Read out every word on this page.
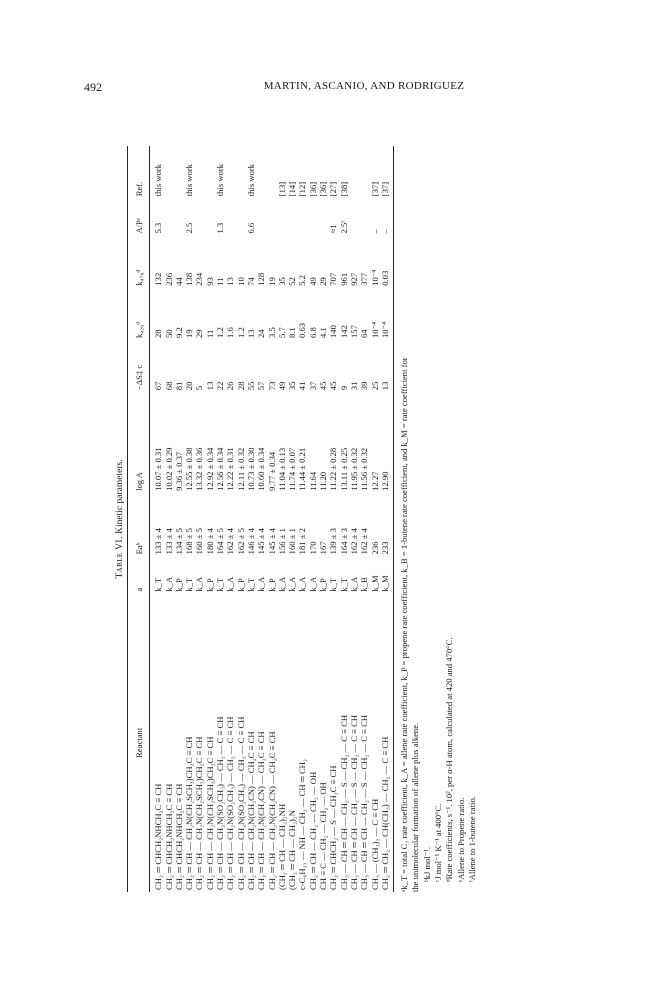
492	MARTIN, ASCANIO, AND RODRIGUEZ
Table VI. Kinetic parameters.
Reactant	a	Eaᵇ	log A	−ΔS‡ c	k₄₂₀ᵈ	k₄₇₀ᵈ	A/Pᵉ	Ref.
CH₂ ═ CHCH₂NHCH₂C ≡ CH	k_T	133 ± 4	10.07 ± 0.31	67	28	132	5.3	this work
CH₂ ═ CHCH₂NHCH₂C ≡ CH	k_A	133 ± 4	10.02 ± 0.29	68	50	236		
CH₂ ═ CHCH₂NHCH₂C ≡ CH	k_P	134 ± 5	9.36 ± 0.37	81	9.2	44		
CH₂ ═ CH — CH₂N(CH₂SCH₃)CH₂C ≡ CH	k_T	168 ± 5	12.55 ± 0.38	20	19	138	2.5	this work
CH₂ ═ CH — CH₂N(CH₂SCH₃)CH₂C ≡ CH	k_A	160 ± 5	13.32 ± 0.36	5	29	234		
CH₂ ═ CH — CH₂N(CH₂SCH₃)CH₂C ≡ CH	k_P	180 ± 4	12.92 ± 0.34	13	11	93		
CH₂ ═ CH — CH₂N(SO₂CH₃) — CH₂ — C ≡ CH	k_T	164 ± 5	12.56 ± 0.34	22	1.2	11	1.3	this work
CH₂ ═ CH — CH₂N(SO₂CH₃) — CH₂ — C ≡ CH	k_A	162 ± 4	12.22 ± 0.31	26	1.6	13		
CH₂ ═ CH — CH₂N(SO₂CH₃) — CH₂ — C ≡ CH	k_P	162 ± 5	12.11 ± 0.32	28	1.2	10		
CH₂ ═ CH — CH₂N(CH₂CN) — CH₂C ≡ CH	k_T	146 ± 4	10.73 ± 0.30	55	13	74	6.6	this work
CH₂ ═ CH — CH₂N(CH₂CN) — CH₂C ≡ CH	k_A	145 ± 4	10.60 ± 0.34	57	24	128		
CH₂ ═ CH — CH₂N(CH₂CN) — CH₂C ≡ CH	k_P	145 ± 4	9.77 ± 0.34	73	3.5	19		
(CH₂ ═ CH — CH₂)₂NH	k_A	156 ± 1	11.04 ± 0.13	49	5.7	35		[13]
(CH₂ ═ CH — CH₂)₂N	k_A	160 ± 1	11.74 ± 0.07	35	8.1	52		[14]
c-C₆H₁₁ — NH — CH₂ — CH ═ CH₂	k_A	181 ± 2	11.44 ± 0.21	41	0.63	5.2		[12]
CH₂ ═ CH — CH₂ — CH₂ — OH	k_A	170	11.64	37	6.8	49		[36]
CH ≡ C — CH₂ — CH₂ — OH	k_P	167	11.20	45	4.1	29		[36]
CH₂ ═ CHCH₂ — S — CH₂C ≡ CH	k_T	139 ± 3	11.22 ± 0.28	45	140	707	≈1	[27]
CH₃ — CH ═ CH — CH₂ — S — CH₂ — C ≡ CH	k_T	164 ± 3	13.11 ± 0.25	9	142	961	2.5ᶠ	[38]
CH₃ — CH ═ CH — CH₂ — S — CH₂ — C ≡ CH	k_A	162 ± 4	11.95 ± 0.32	31	157	927		
CH₃ — CH ═ CH — CH₂ — S — CH₂ — C ≡ CH	k_B	162 ± 4	11.56 ± 0.32	39	64	377		
CH₃ — (CH₂)₂ — C ≡ CH	k_M	236	12.27	25	10⁻⁴	10⁻⁴	–	[37]
CH₂ ═ CH₂ — CH(CH₃) — CH₂ — C ≡ CH	k_M	233	12.90	13	10⁻⁴	0.03	–	[37]

ᵃk_T = total C₃ rate coefficient, k_A = allene rate coefficient, k_P = propene rate coefficient, k_B = 1-butene rate coefficient, and k_M = rate coefficient for the unimolecular formation of allene plus alkene. ᵇkJ mol⁻¹. ᶜJ mol⁻¹ K⁻¹ at 400°C. ᵈRate coefficients, s⁻¹. 10², per α-H atom, calculated at 420 and 470°C. ᵉAllene to Propene ratio. ᶠAllene to 1-butene ratio.
